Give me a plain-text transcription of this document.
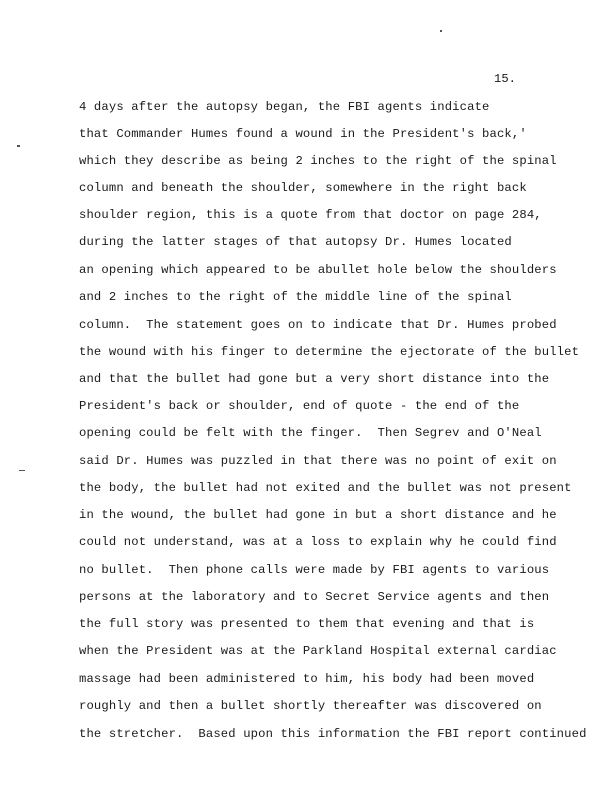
15.
4 days after the autopsy began, the FBI agents indicate
that Commander Humes found a wound in the President's back,'
which they describe as being 2 inches to the right of the spinal
column and beneath the shoulder, somewhere in the right back
shoulder region, this is a quote from that doctor on page 284,
during the latter stages of that autopsy Dr. Humes located
an opening which appeared to be abullet hole below the shoulders
and 2 inches to the right of the middle line of the spinal
column.  The statement goes on to indicate that Dr. Humes probed
the wound with his finger to determine the ejectorate of the bullet
and that the bullet had gone but a very short distance into the
President's back or shoulder, end of quote - the end of the
opening could be felt with the finger.  Then Segrev and O'Neal
said Dr. Humes was puzzled in that there was no point of exit on
the body, the bullet had not exited and the bullet was not present
in the wound, the bullet had gone in but a short distance and he
could not understand, was at a loss to explain why he could find
no bullet.  Then phone calls were made by FBI agents to various
persons at the laboratory and to Secret Service agents and then
the full story was presented to them that evening and that is
when the President was at the Parkland Hospital external cardiac
massage had been administered to him, his body had been moved
roughly and then a bullet shortly thereafter was discovered on
the stretcher.  Based upon this information the FBI report continued
